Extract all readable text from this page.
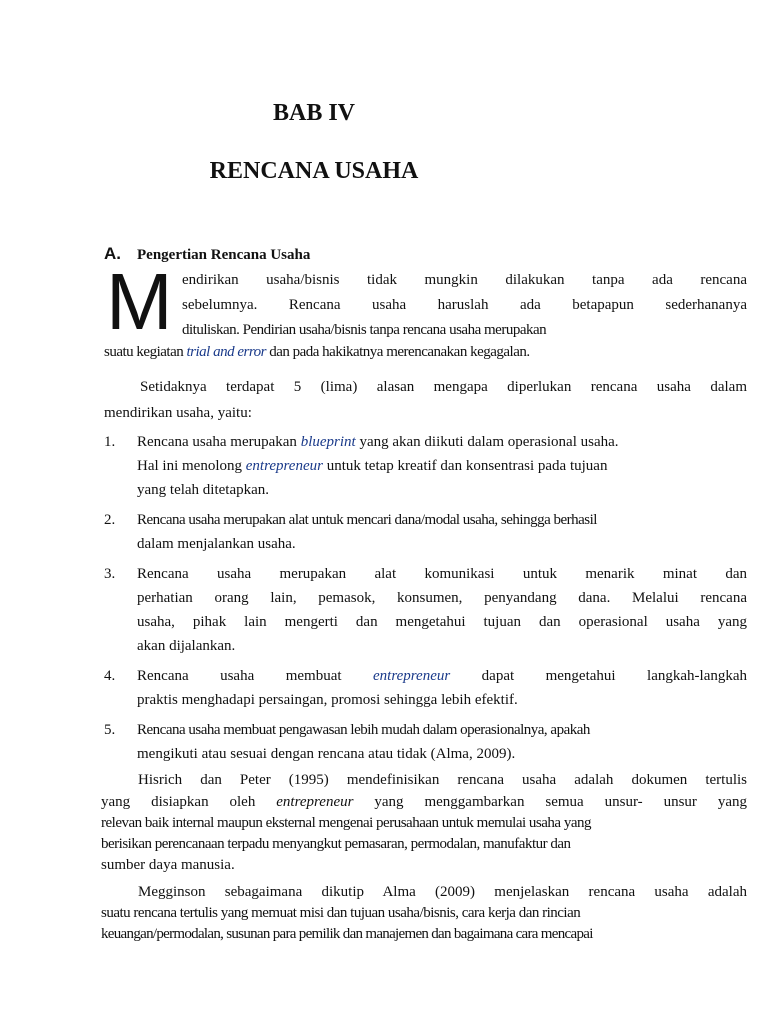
BAB IV
RENCANA USAHA
A. Pengertian Rencana Usaha
M endirikan usaha/bisnis tidak mungkin dilakukan tanpa ada rencana
sebelumnya. Rencana usaha haruslah ada betapapun sederhananya
dituliskan. Pendirian usaha/bisnis tanpa rencana usaha merupakan
suatu kegiatan trial and error dan pada hakikatnya merencanakan kegagalan.
Setidaknya terdapat 5 (lima) alasan mengapa diperlukan rencana usaha dalam
mendirikan usaha, yaitu:
1. Rencana usaha merupakan blueprint yang akan diikuti dalam operasional usaha.
Hal ini menolong entrepreneur untuk tetap kreatif dan konsentrasi pada tujuan
yang telah ditetapkan.
2. Rencana usaha merupakan alat untuk mencari dana/modal usaha, sehingga berhasil
dalam menjalankan usaha.
3. Rencana usaha merupakan alat komunikasi untuk menarik minat dan
perhatian orang lain, pemasok, konsumen, penyandang dana. Melalui rencana
usaha, pihak lain mengerti dan mengetahui tujuan dan operasional usaha yang
akan dijalankan.
4. Rencana usaha membuat entrepreneur dapat mengetahui langkah-langkah
praktis menghadapi persaingan, promosi sehingga lebih efektif.
5. Rencana usaha membuat pengawasan lebih mudah dalam operasionalnya, apakah
mengikuti atau sesuai dengan rencana atau tidak (Alma, 2009).
Hisrich dan Peter (1995) mendefinisikan rencana usaha adalah dokumen tertulis
yang disiapkan oleh entrepreneur yang menggambarkan semua unsur- unsur yang
relevan baik internal maupun eksternal mengenai perusahaan untuk memulai usaha yang
berisikan perencanaan terpadu menyangkut pemasaran, permodalan, manufaktur dan
sumber daya manusia.
Megginson sebagaimana dikutip Alma (2009) menjelaskan rencana usaha adalah
suatu rencana tertulis yang memuat misi dan tujuan usaha/bisnis, cara kerja dan rincian
keuangan/permodalan, susunan para pemilik dan manajemen dan bagaimana cara mencapai
